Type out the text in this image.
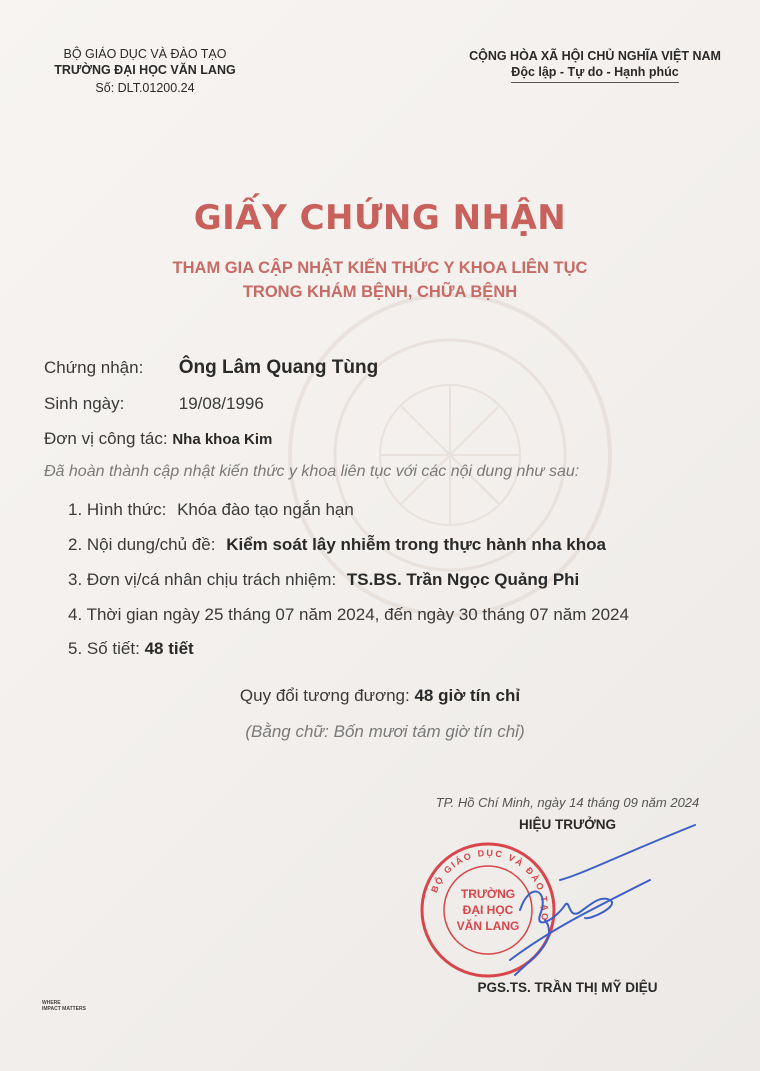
BỘ GIÁO DỤC VÀ ĐÀO TẠO
TRƯỜNG ĐẠI HỌC VĂN LANG
Số: DLT.01200.24
CỘNG HÒA XÃ HỘI CHỦ NGHĨA VIỆT NAM
Độc lập - Tự do - Hạnh phúc
GIẤY CHỨNG NHẬN
THAM GIA CẬP NHẬT KIẾN THỨC Y KHOA LIÊN TỤC
TRONG KHÁM BỆNH, CHỮA BỆNH
Chứng nhận: Ông Lâm Quang Tùng
Sinh ngày:	19/08/1996
Đơn vị công tác: Nha khoa Kim
Đã hoàn thành cập nhật kiến thức y khoa liên tục với các nội dung như sau:
1. Hình thức: Khóa đào tạo ngắn hạn
2. Nội dung/chủ đề: Kiểm soát lây nhiễm trong thực hành nha khoa
3. Đơn vị/cá nhân chịu trách nhiệm: TS.BS. Trần Ngọc Quảng Phi
4. Thời gian ngày 25 tháng 07 năm 2024, đến ngày 30 tháng 07 năm 2024
5. Số tiết: 48 tiết
Quy đổi tương đương: 48 giờ tín chỉ
(Bằng chữ: Bốn mươi tám giờ tín chỉ)
TP. Hồ Chí Minh, ngày 14 tháng 09 năm 2024
HIỆU TRƯỞNG
BỘ GIÁO DỤC VÀ ĐÀO TẠO
TRƯỜNG
ĐẠI HỌC
VĂN LANG
PGS.TS. TRẦN THỊ MỸ DIỆU
WHERE
IMPACT MATTERS
